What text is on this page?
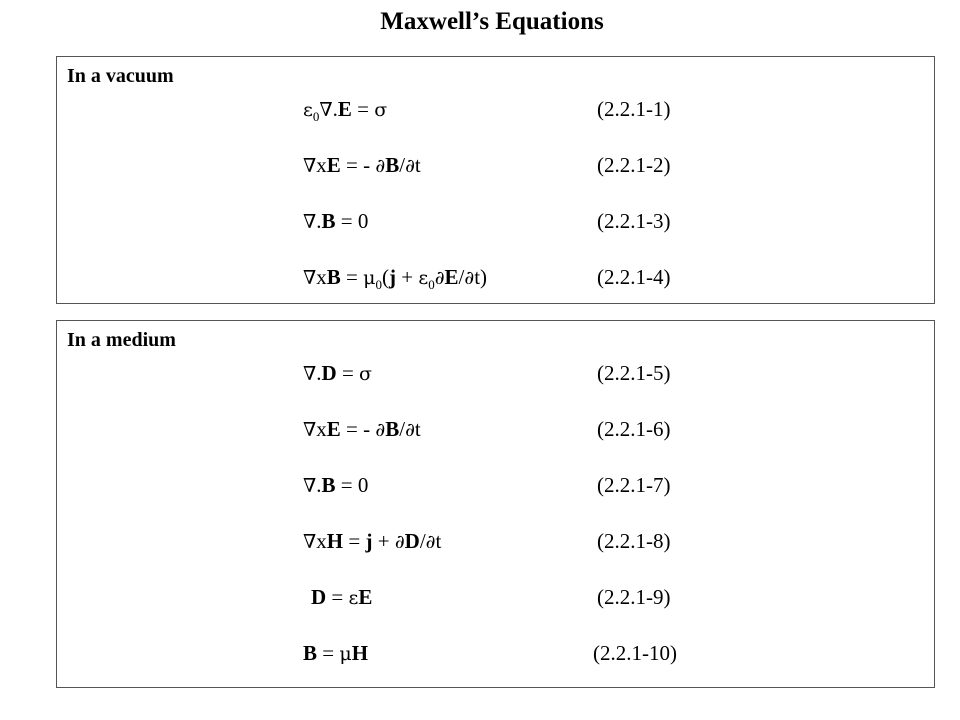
Maxwell’s Equations
In a vacuum
$\varepsilon_0\nabla.E = \sigma$	(2.2.1-1)
∇xE = - ∂B/∂t	(2.2.1-2)
∇.B = 0	(2.2.1-3)
$\nabla xB = \mu_0(j + \varepsilon_0\partial E/\partial t)$	(2.2.1-4)
In a medium
∇.D = σ	(2.2.1-5)
∇xE = - ∂B/∂t	(2.2.1-6)
∇.B = 0	(2.2.1-7)
∇xH = j + ∂D/∂t	(2.2.1-8)
D = εE	(2.2.1-9)
B = μH	(2.2.1-10)
